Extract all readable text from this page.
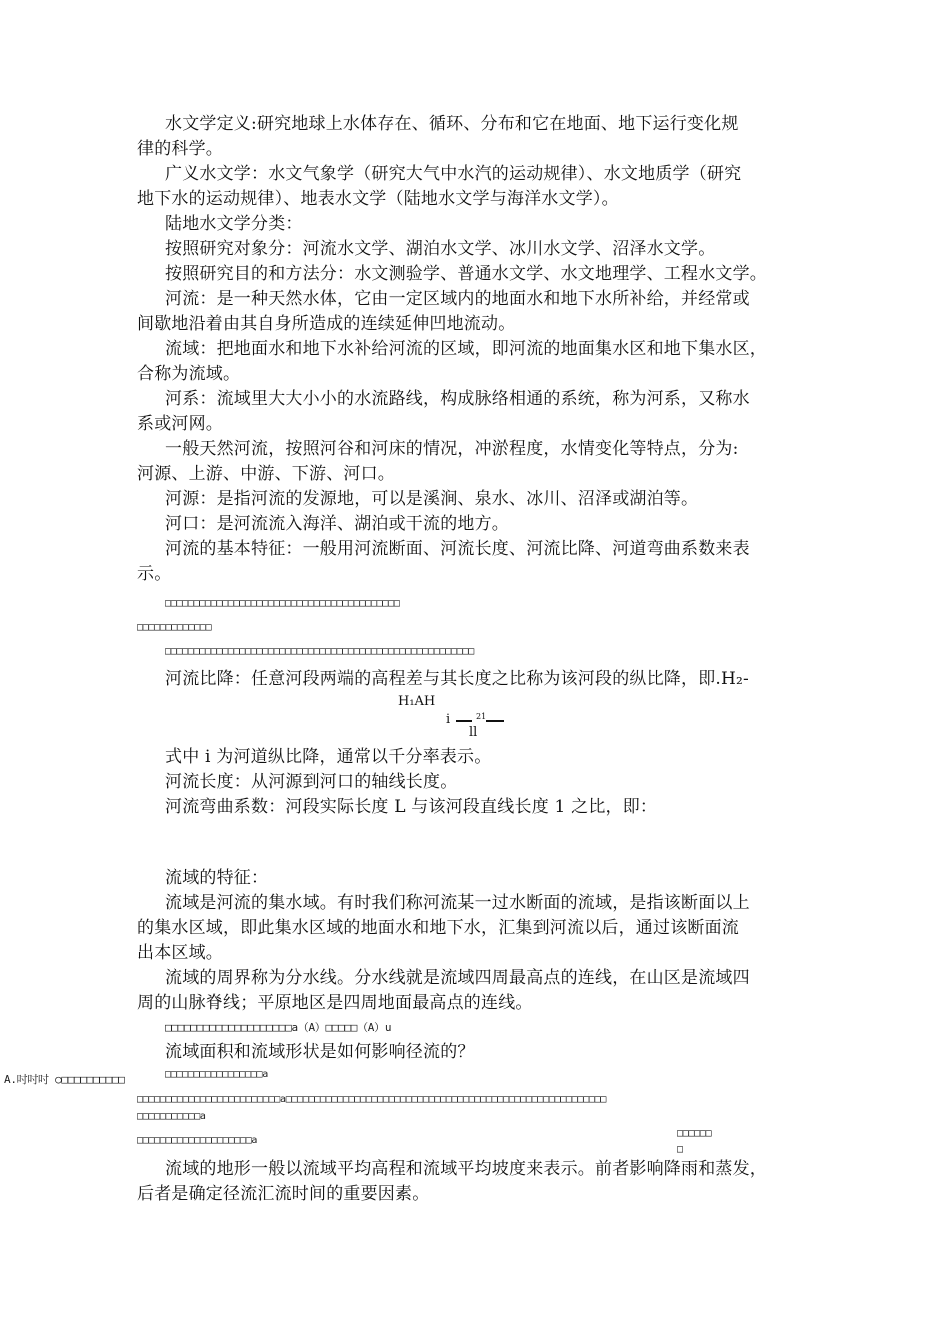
水文学定义:研究地球上水体存在、循环、分布和它在地面、地下运行变化规
律的科学。
广义水文学：水文气象学（研究大气中水汽的运动规律）、水文地质学（研究
地下水的运动规律）、地表水文学（陆地水文学与海洋水文学）。
陆地水文学分类：
按照研究对象分：河流水文学、湖泊水文学、冰川水文学、沼泽水文学。
按照研究目的和方法分：水文测验学、普通水文学、水文地理学、工程水文学。
河流：是一种天然水体，它由一定区域内的地面水和地下水所补给，并经常或
间歇地沿着由其自身所造成的连续延伸凹地流动。
流域：把地面水和地下水补给河流的区域，即河流的地面集水区和地下集水区，
合称为流域。
河系：流域里大大小小的水流路线，构成脉络相通的系统，称为河系，又称水
系或河网。
一般天然河流，按照河谷和河床的情况，冲淤程度，水情变化等特点，分为:
河源、上游、中游、下游、河口。
河源：是指河流的发源地，可以是溪涧、泉水、冰川、沼泽或湖泊等。
河口：是河流流入海洋、湖泊或干流的地方。
河流的基本特征：一般用河流断面、河流长度、河流比降、河道弯曲系数来表
示。
□□□□□□□□□□□□□□□□□□□□□□□□□□□□□□□□□□□□□□□□□
□□□□□□□□□□□□□
□□□□□□□□□□□□□□□□□□□□□□□□□□□□□□□□□□□□□□□□□□□□□□□□□□□□□□
河流比降：任意河段两端的高程差与其长度之比称为该河段的纵比降，即.H₂-
H₁AH
i	21
ll
式中 i 为河道纵比降，通常以千分率表示。
河流长度：从河源到河口的轴线长度。
河流弯曲系数：河段实际长度 L 与该河段直线长度 1 之比，即：
流域的特征：
流域是河流的集水域。有时我们称河流某一过水断面的流域，是指该断面以上
的集水区域，即此集水区域的地面水和地下水，汇集到河流以后，通过该断面流
出本区域。
流域的周界称为分水线。分水线就是流域四周最高点的连线，在山区是流域四
周的山脉脊线；平原地区是四周地面最高点的连线。
□□□□□□□□□□□□□□□□□□□□a（A）□□□□□（A）u
流域面积和流域形状是如何影响径流的？
A.吋吋吋 ○□□□□□□□□□□	□□□□□□□□□□□□□□□□□a
□□□□□□□□□□□□□□□□□□□□□□□□□a□□□□□□□□□□□□□□□□□□□□□□□□□□□□□□□□□□□□□□□□□□□□□□□□□□□□□□□□
□□□□□□□□□□□a
□□□□□□□□□□□□□□□□□□□□a
□□□□□□
□
流域的地形一般以流域平均高程和流域平均坡度来表示。前者影响降雨和蒸发，
后者是确定径流汇流时间的重要因素。
